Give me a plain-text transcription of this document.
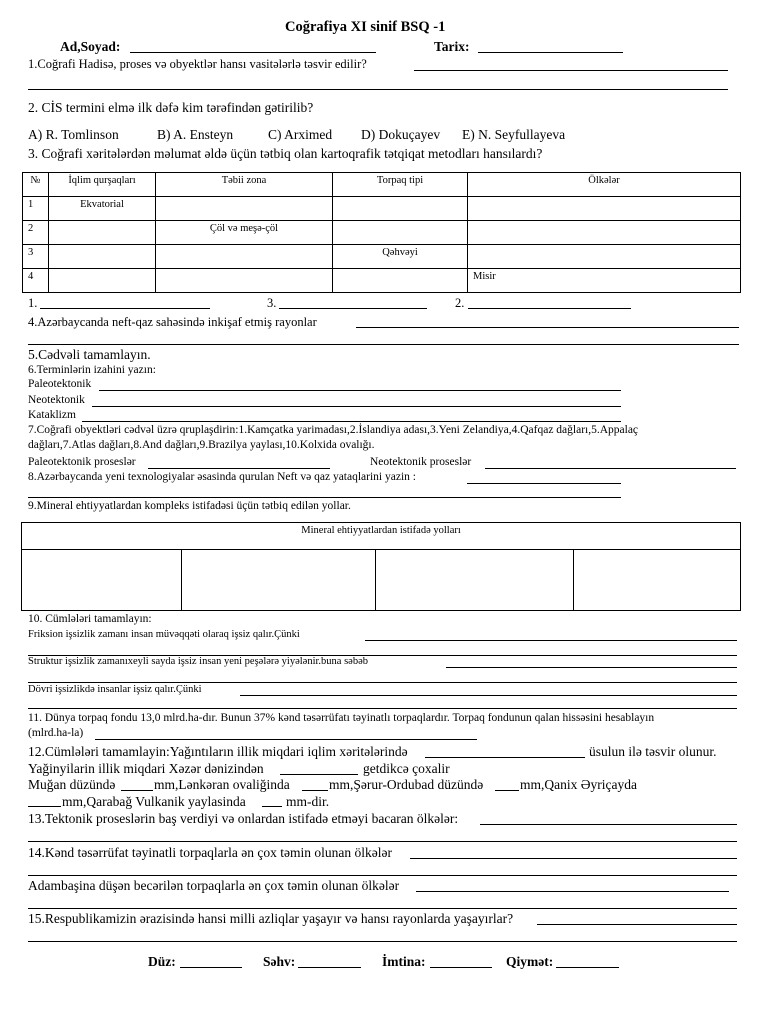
Coğrafiya XI sinif BSQ -1
Ad,Soyad:	Tarix:
1.Coğrafi Hadisə, proses və obyektlər hansı vasitələrlə təsvir edilir?
2. CİS termini elmə ilk dəfə kim tərəfindən gətirilib?
A) R. Tomlinson	B) A. Ensteyn	C) Arximed D) Dokuçayev E) N. Seyfullayeva
3. Coğrafi xəritələrdən məlumat əldə üçün tətbiq olan kartoqrafik tətqiqat metodları hansılardı?
№	İqlim qurşaqları	Təbii zona	Torpaq tipi	Ölkələr

1	Ekvatorial			

2		Çöl və meşə-çöl		

3			Qəhvəyi	

4				Misir
1.	3.	2.
4.Azərbaycanda neft-qaz sahəsində inkişaf etmiş rayonlar
5.Cədvəli tamamlayın.
6.Terminlərin izahini yazın:
Paleotektonik
Neotektonik
Kataklizm
7.Coğrafi obyektləri cədvəl üzrə qruplaşdirin:1.Kamçatka yarimadası,2.İslandiya adası,3.Yeni Zelandiya,4.Qafqaz dağları,5.Appalaç
dağları,7.Atlas dağları,8.And dağları,9.Brazilya yaylası,10.Kolxida ovalığı.
Paleotektonik proseslər	Neotektonik proseslər
8.Azərbaycanda yeni texnologiyalar əsasinda qurulan Neft və qaz yataqlarini yazin :
9.Mineral ehtiyyatlardan kompleks istifadəsi üçün tətbiq edilən yollar.
Mineral ehtiyyatlardan istifadə yolları

10. Cümlələri tamamlayın:
Friksion işsizlik zamanı insan müvəqqəti olaraq işsiz qalır.Çünki
Struktur işsizlik zamanıxeyli sayda işsiz insan yeni peşələrə yiyələnir.buna səbəb
Dövri işsizlikdə insanlar işsiz qalır.Çünki
11. Dünya torpaq fondu 13,0 mlrd.ha-dır. Bunun 37% kənd təsərrüfatı təyinatlı torpaqlardır. Torpaq fondunun qalan hissəsini hesablayın
(mlrd.ha-la)
12.Cümlələri tamamlayin:Yağıntıların illik miqdari iqlim xəritələrində	üsulun ilə təsvir olunur.
Yağinyilarin illik miqdari Xəzər dənizindən	getdikcə çoxalir
Muğan düzündə	mm,Lənkəran ovaliğinda	mm,Şərur-Ordubad düzündə	mm,Qanix Əyriçayda
mm,Qarabağ Vulkanik yaylasinda	mm-dir.
13.Tektonik proseslərin baş verdiyi və onlardan istifadə etməyi bacaran ölkələr:
14.Kənd təsərrüfat təyinatli torpaqlarla ən çox təmin olunan ölkələr
Adambaşina düşən becərilən torpaqlarla ən çox təmin olunan ölkələr
15.Respublikamizin ərazisində hansi milli azliqlar yaşayır və hansı rayonlarda yaşayırlar?
Düz:	Səhv:	İmtina:	Qiymət:
